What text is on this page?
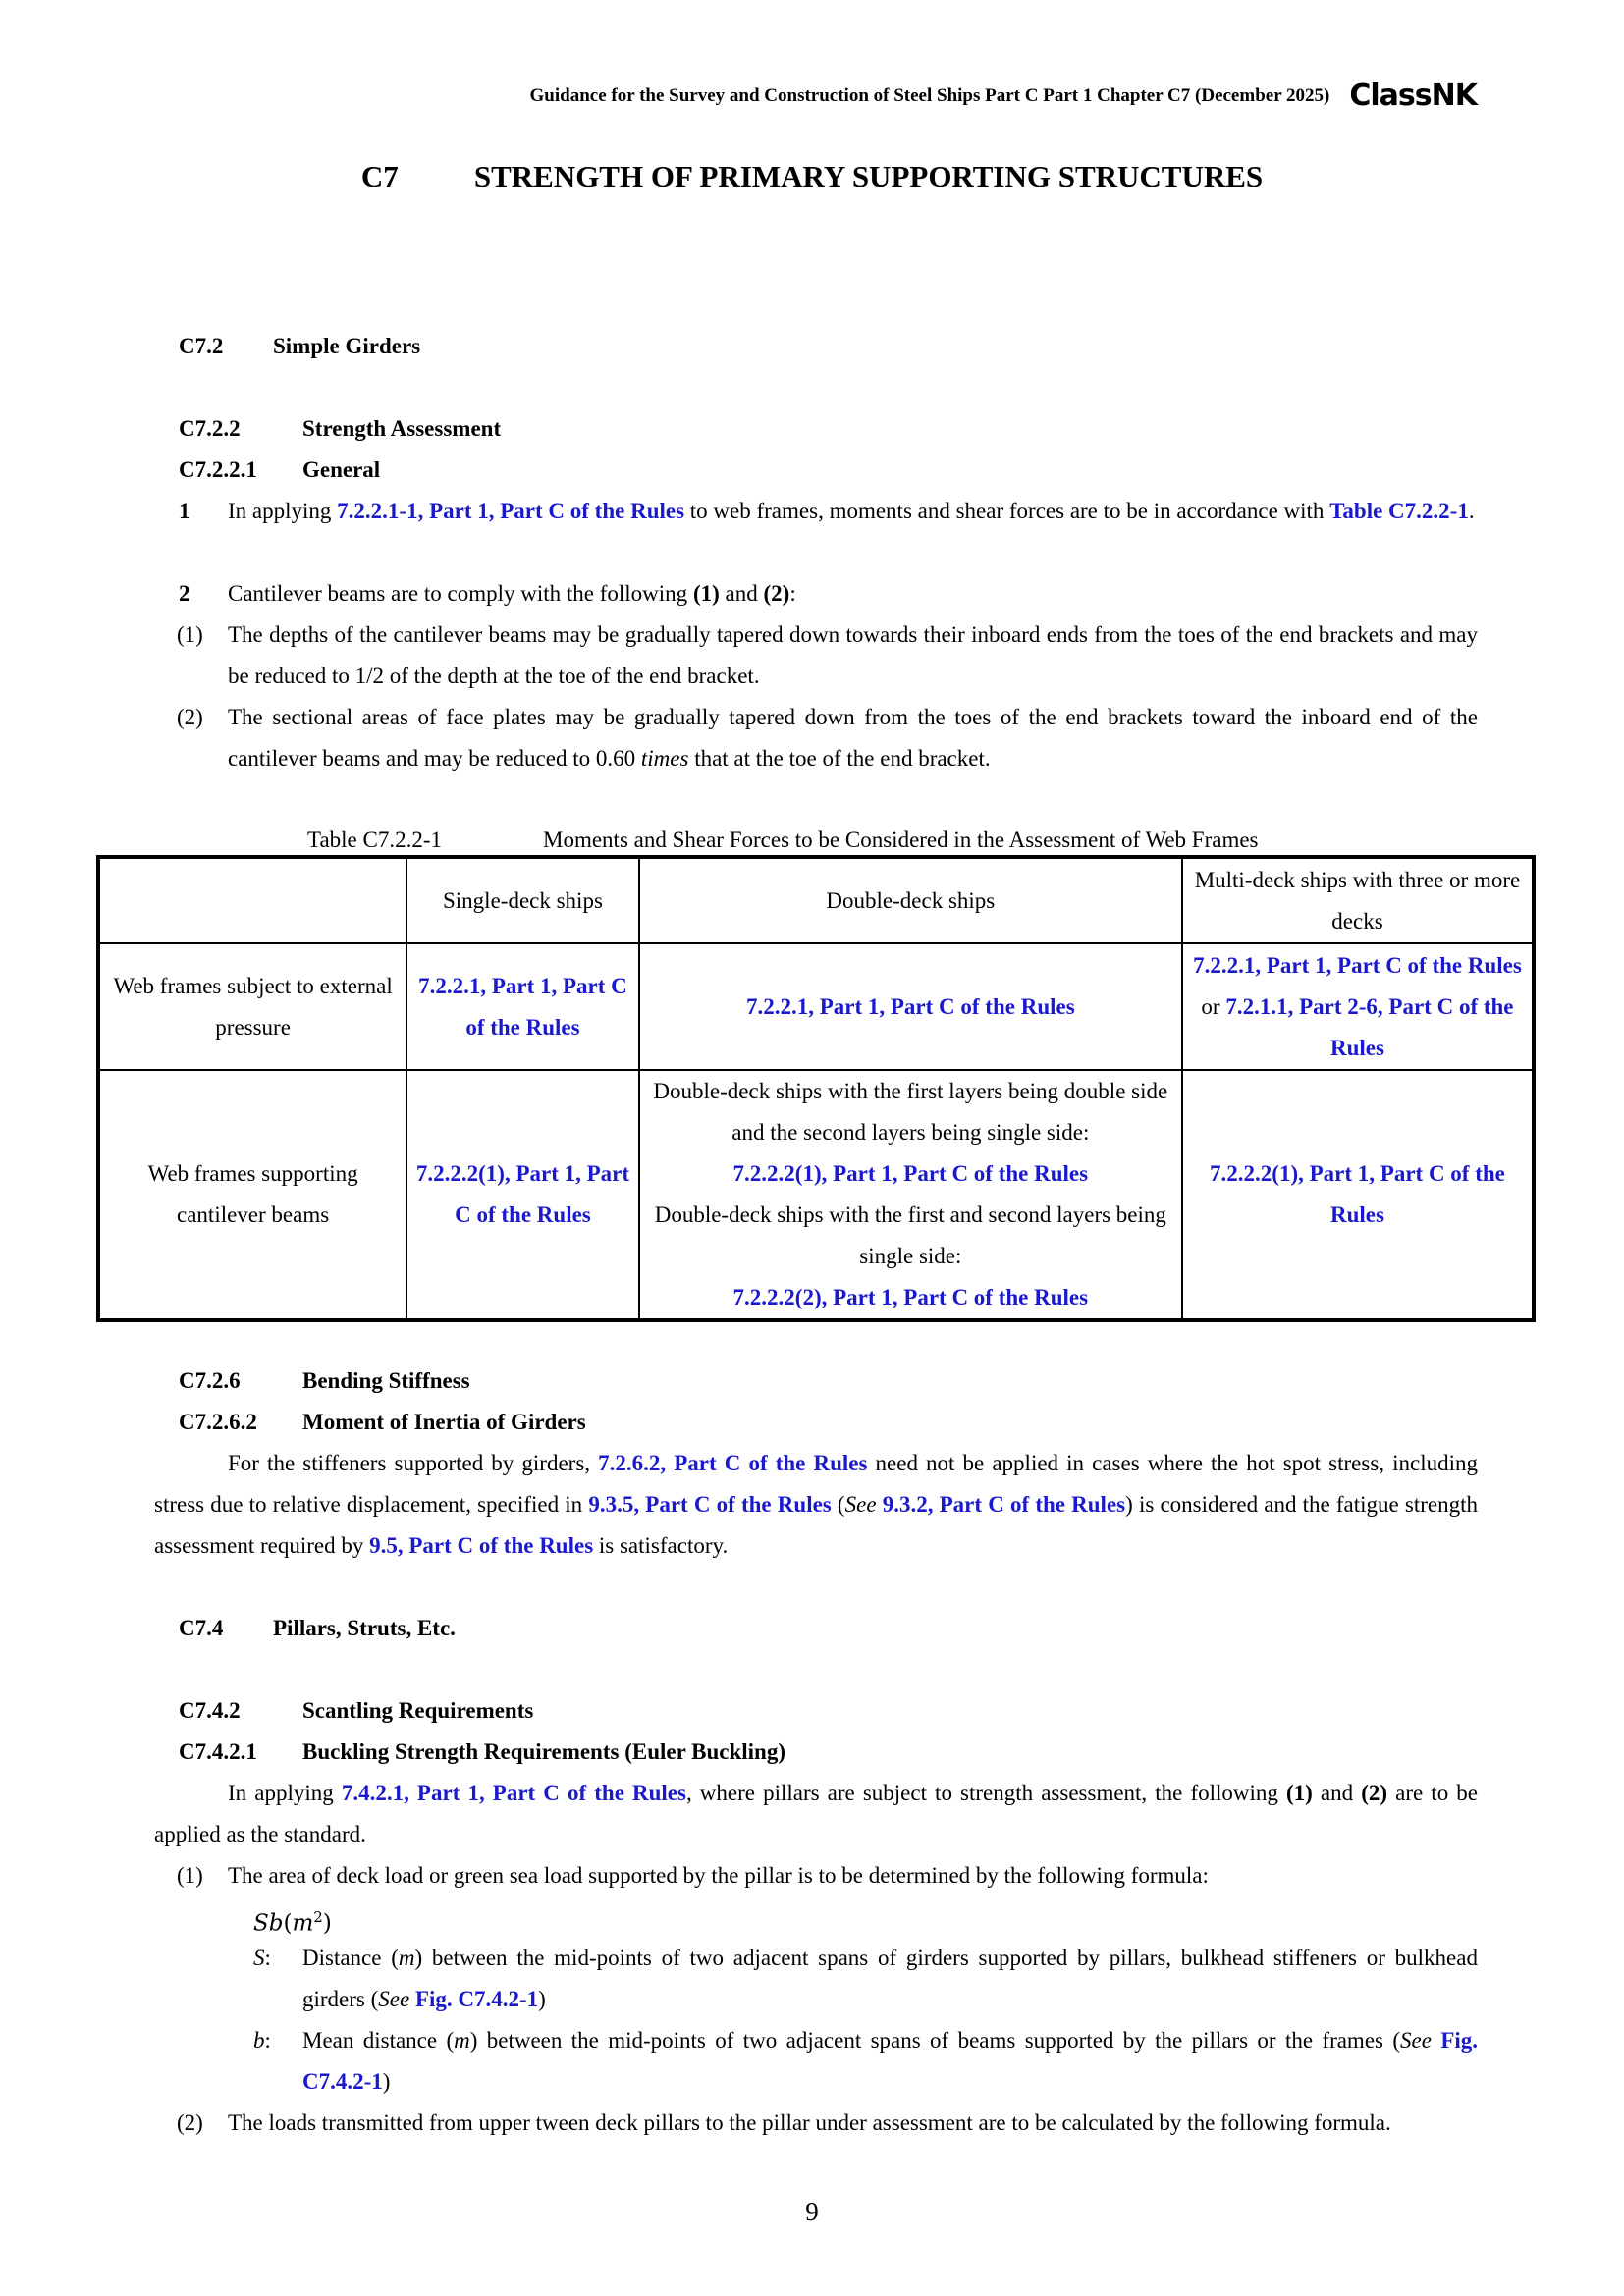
Guidance for the Survey and Construction of Steel Ships Part C Part 1 Chapter C7 (December 2025) ClassNK
C7 STRENGTH OF PRIMARY SUPPORTING STRUCTURES
C7.2 Simple Girders
C7.2.2	Strength Assessment
C7.2.2.1 General
1 In applying 7.2.2.1-1, Part 1, Part C of the Rules to web frames, moments and shear forces are to be in accordance with Table C7.2.2-1.
2 Cantilever beams are to comply with the following (1) and (2):
(1)	The depths of the cantilever beams may be gradually tapered down towards their inboard ends from the toes of the end brackets and may be reduced to 1/2 of the depth at the toe of the end bracket.
(2)	The sectional areas of face plates may be gradually tapered down from the toes of the end brackets toward the inboard end of the cantilever beams and may be reduced to 0.60 times that at the toe of the end bracket.
Table C7.2.2-1	Moments and Shear Forces to be Considered in the Assessment of Web Frames
	Single-deck ships	Double-deck ships	Multi-deck ships with three or more decks
Web frames subject to external pressure	7.2.2.1, Part 1, Part C of the Rules	7.2.2.1, Part 1, Part C of the Rules	7.2.2.1, Part 1, Part C of the Rules or 7.2.1.1, Part 2-6, Part C of the Rules
Web frames supporting cantilever beams	7.2.2.2(1), Part 1, Part C of the Rules	Double-deck ships with the first layers being double side and the second layers being single side:
7.2.2.2(1), Part 1, Part C of the Rules
Double-deck ships with the first and second layers being single side:
7.2.2.2(2), Part 1, Part C of the Rules	7.2.2.2(1), Part 1, Part C of the Rules
C7.2.6	Bending Stiffness
C7.2.6.2 Moment of Inertia of Girders
For the stiffeners supported by girders, 7.2.6.2, Part C of the Rules need not be applied in cases where the hot spot stress, including stress due to relative displacement, specified in 9.3.5, Part C of the Rules (See 9.3.2, Part C of the Rules) is considered and the fatigue strength assessment required by 9.5, Part C of the Rules is satisfactory.
C7.4 Pillars, Struts, Etc.
C7.4.2	Scantling Requirements
C7.4.2.1 Buckling Strength Requirements (Euler Buckling)
In applying 7.4.2.1, Part 1, Part C of the Rules, where pillars are subject to strength assessment, the following (1) and (2) are to be applied as the standard.
(1)	The area of deck load or green sea load supported by the pillar is to be determined by the following formula:
$Sb(m^2)$
S:	Distance (m) between the mid-points of two adjacent spans of girders supported by pillars, bulkhead stiffeners or bulkhead girders (See Fig. C7.4.2-1)
b:	Mean distance (m) between the mid-points of two adjacent spans of beams supported by the pillars or the frames (See Fig. C7.4.2-1)
(2)	The loads transmitted from upper tween deck pillars to the pillar under assessment are to be calculated by the following formula.
9
